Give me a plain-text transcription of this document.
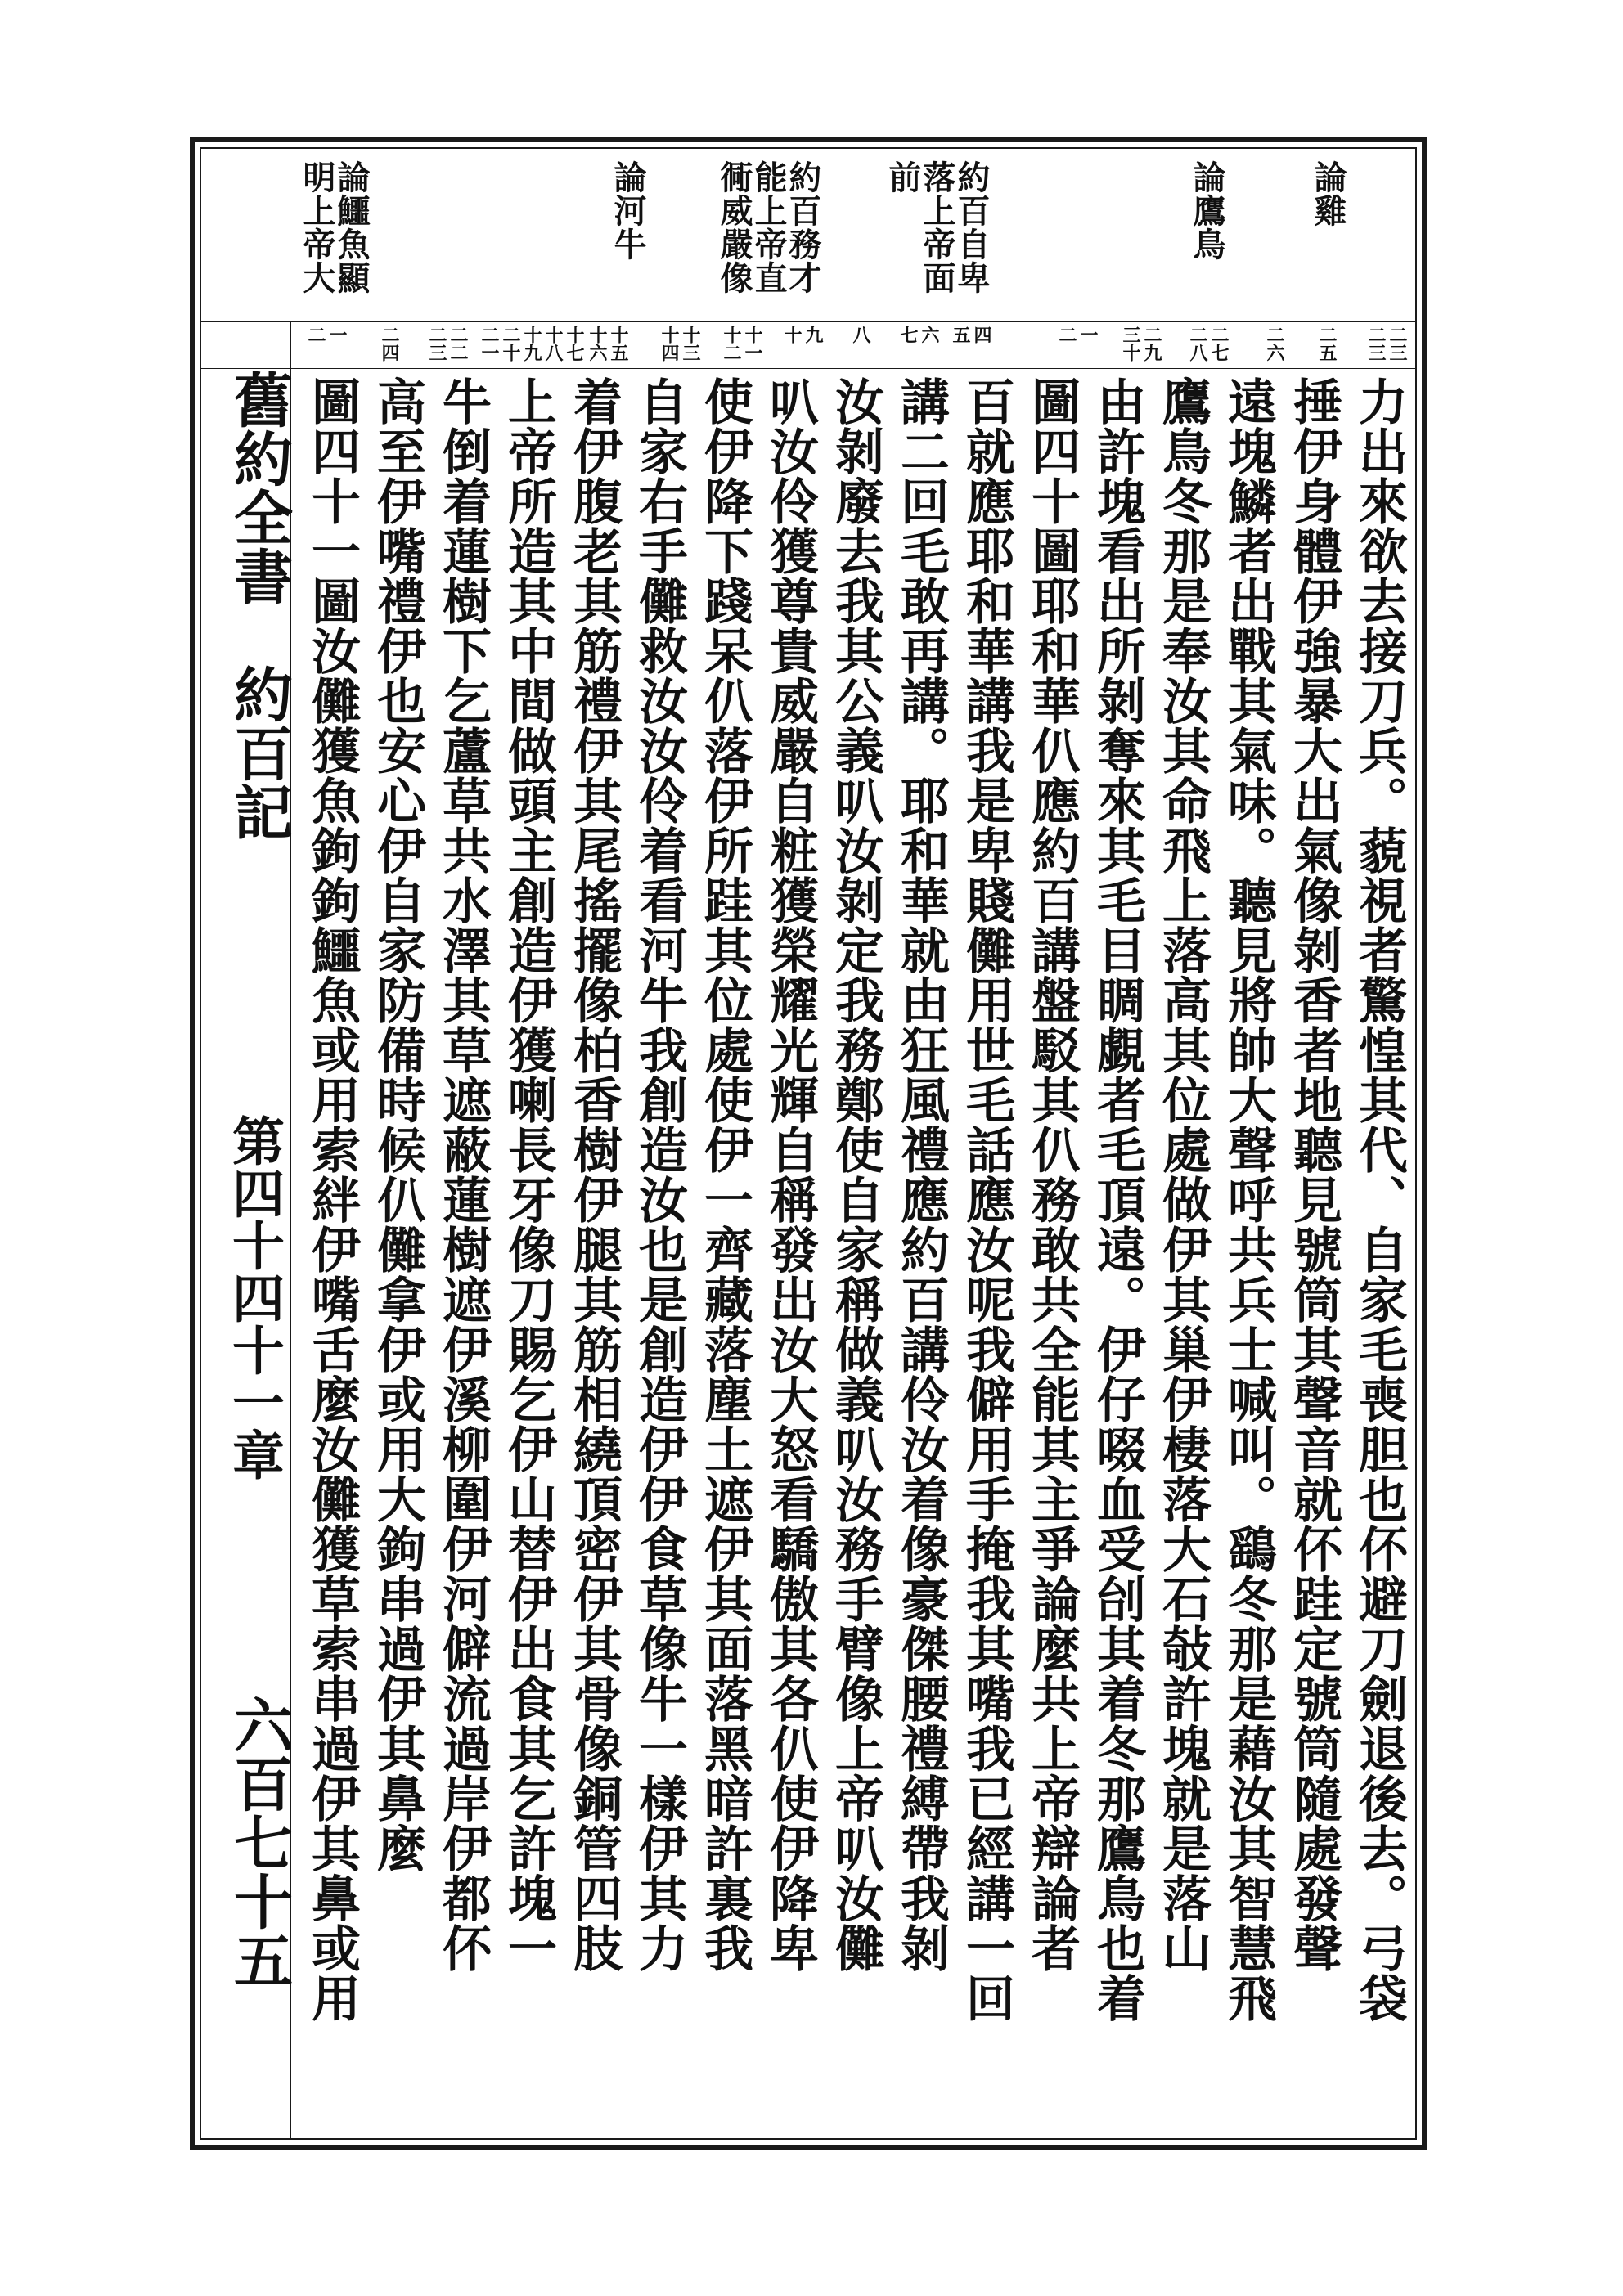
論雞
論鷹鳥
約百自卑落上帝面前
約百務才能上帝直衕威嚴像
論河牛
論鱷魚顯明上帝大
二三
二三
二五
二六
二七
二八
二九
三十
一
二
四
五
六
七
八
九
十
十一
十二
十三
十四
十五
十六
十七
十八
十九
二十
二一
二二
二三
二四
一
二
舊約全書　約百記
第四十四十一章
六百七十五	力出來欲去接刀兵。藐視者驚惶其代、自家毛喪胆也伓避刀劍退後去。弓袋
捶伊身體伊強暴大出氣像剝香者地聽見號筒其聲音就伓跬定號筒隨處發聲
遠塊鱗者出戰其氣味。聽見將帥大聲呼共兵士喊叫。鷂冬那是藉汝其智慧飛
鷹鳥冬那是奉汝其命飛上落高其位處做伊其巢伊棲落大石敧許塊就是落山
由許塊看出所剝奪來其毛目睭覷者毛頂遠。伊仔啜血受刣其着冬那鷹鳥也着
圖四十圖耶和華仈應約百講盤駁其仈務敢共全能其主爭論麼共上帝辯論者
百就應耶和華講我是卑賤儺用世毛話應汝呢我僻用手掩我其嘴我已經講一回
講二回毛敢再講。耶和華就由狂風禮應約百講伶汝着像豪傑腰禮縛帶我剝
汝剝廢去我其公義叭汝剝定我務鄭使自家稱做義叭汝務手臂像上帝叭汝儺
叭汝伶獲尊貴威嚴自粧獲榮耀光輝自稱發出汝大怒看驕傲其各仈使伊降卑
使伊降下踐呆仈落伊所跬其位處使伊一齊藏落塵土遮伊其面落黑暗許裏我
自家右手儺救汝汝伶着看河牛我創造汝也是創造伊伊食草像牛一樣伊其力
着伊腹老其筋禮伊其尾搖擺像柏香樹伊腿其筋相繞頂密伊其骨像銅管四肢
上帝所造其中間做頭主創造伊獲喇長牙像刀賜乞伊山替伊出食其乞許塊一
牛倒着蓮樹下乞蘆草共水澤其草遮蔽蓮樹遮伊溪柳圍伊河僻流過岸伊都伓
高至伊嘴禮伊也安心伊自家防備時候仈儺拿伊或用大鉤串過伊其鼻麼
圖四十一圖汝儺獲魚鉤鉤鱷魚或用索絆伊嘴舌麼汝儺獲草索串過伊其鼻或用
